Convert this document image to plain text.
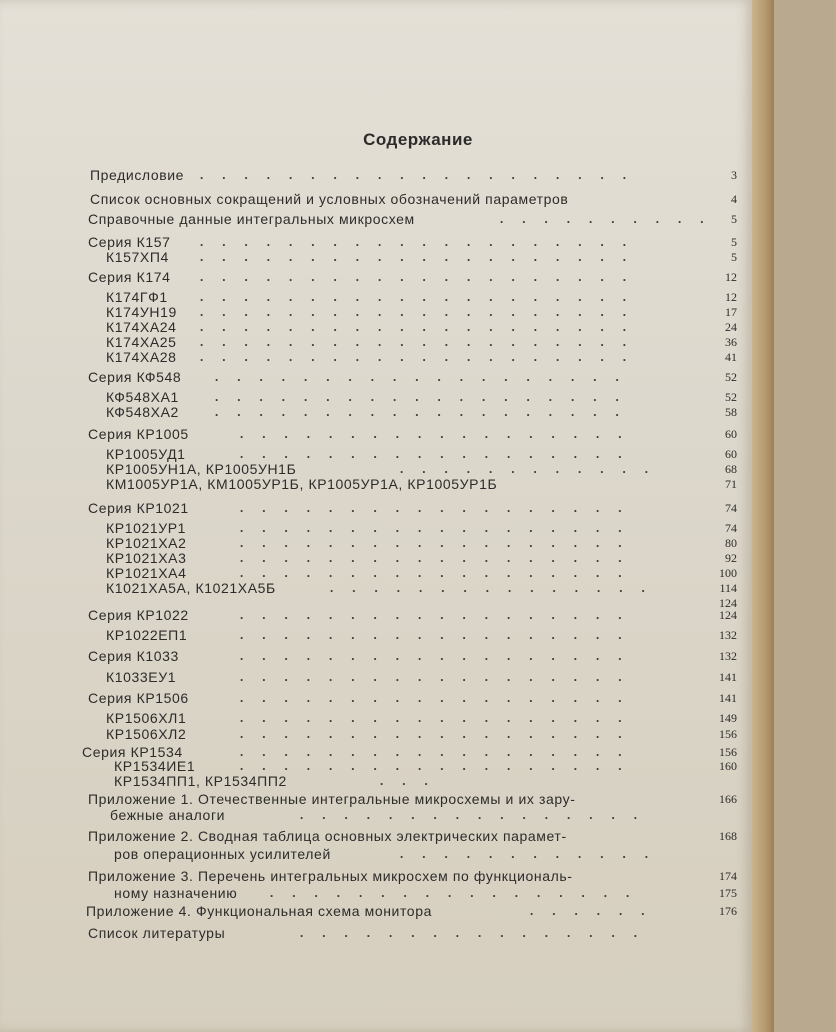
Содержание
Предисловие ....................	3
Список основных сокращений и условных обозначений параметров	4
Справочные данные интегральных микросхем	.......... 5
Серия К157 ....................	5
К157ХП4 ....................	5
Серия К174 ....................	12
К174ГФ1 ....................	12
К174УН19 ....................	17
К174ХА24 ....................	24
К174ХА25 ....................	36
К174ХА28 ....................	41
Серия КФ548	...................	52
КФ548ХА1	...................	52
КФ548ХА2	...................	58
Серия КР1005	..................	60
КР1005УД1	..................	60
КР1005УН1А, КР1005УН1Б	............	68
КМ1005УР1А, КМ1005УР1Б, КР1005УР1А, КР1005УР1Б	71
Серия КР1021	..................	74
КР1021УР1	..................	74
КР1021ХА2	..................	80
КР1021ХА3	..................	92
КР1021ХА4	..................	100
К1021ХА5А, К1021ХА5Б	...............	114
124
Серия КР1022	..................	124
КР1022ЕП1	..................	132
Серия К1033	..................	132
К1033ЕУ1	..................	141
Серия КР1506	..................	141
КР1506ХЛ1	..................	149
КР1506ХЛ2	..................	156
Серия КР1534	..................	156
КР1534ИЕ1	..................	160
КР1534ПП1, КР1534ПП2	...
Приложение 1. Отечественные интегральные микросхемы и их зару-	166
бежные аналоги	................
Приложение 2. Сводная таблица основных электрических парамет-	168
ров операционных усилителей	............
Приложение 3. Перечень интегральных микросхем по функциональ-	174
ному назначению	.................	175
Приложение 4. Функциональная схема монитора	......	176
Список литературы	................
